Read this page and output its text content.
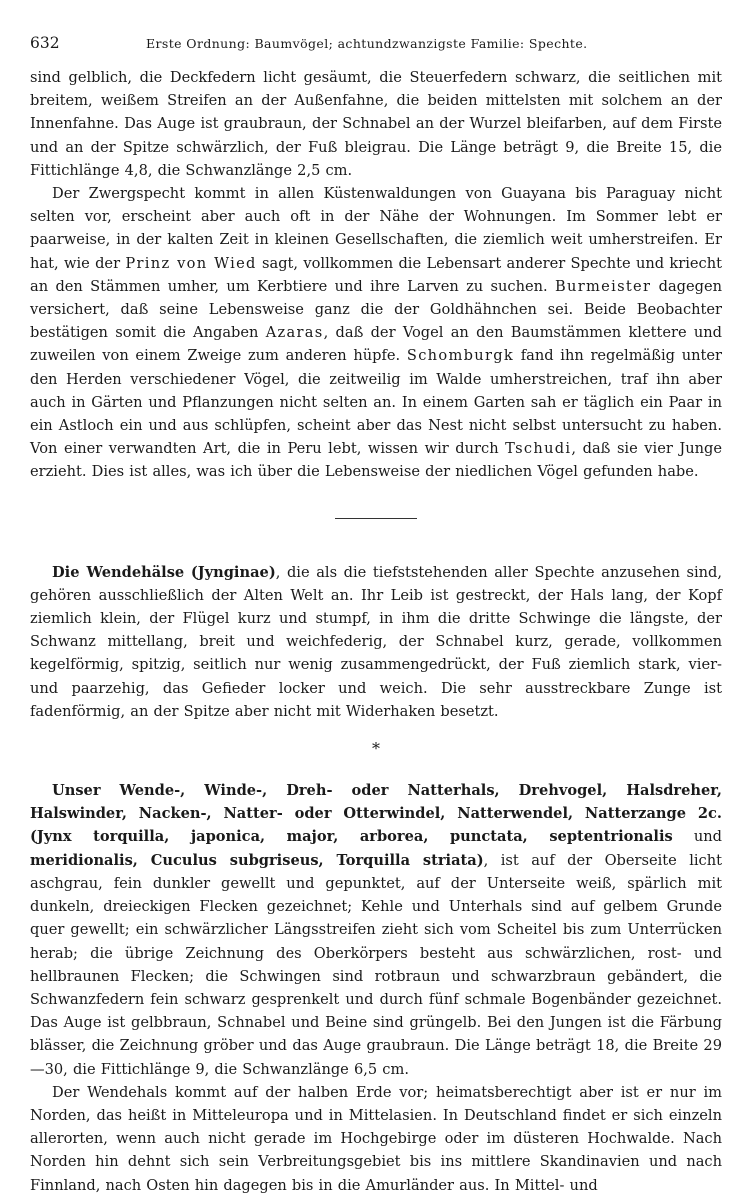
632	Erste Ordnung: Baumvögel; achtundzwanzigste Familie: Spechte.

sind gelblich, die Deckfedern licht gesäumt, die Steuerfedern schwarz, die seitlichen mit breitem, weißem Streifen an der Außenfahne, die beiden mittelsten mit solchem an der Innenfahne. Das Auge ist graubraun, der Schnabel an der Wurzel bleifarben, auf dem Firste und an der Spitze schwärzlich, der Fuß bleigrau. Die Länge beträgt 9, die Breite 15, die Fittichlänge 4,8, die Schwanzlänge 2,5 cm.

Der Zwergspecht kommt in allen Küstenwaldungen von Guayana bis Paraguay nicht selten vor, erscheint aber auch oft in der Nähe der Wohnungen. Im Sommer lebt er paarweise, in der kalten Zeit in kleinen Gesellschaften, die ziemlich weit umherstreifen. Er hat, wie der Prinz von Wied sagt, vollkommen die Lebensart anderer Spechte und kriecht an den Stämmen umher, um Kerbtiere und ihre Larven zu suchen. Burmeister dagegen versichert, daß seine Lebensweise ganz die der Goldhähnchen sei. Beide Beobachter bestätigen somit die Angaben Azaras, daß der Vogel an den Baumstämmen klettere und zuweilen von einem Zweige zum anderen hüpfe. Schomburgk fand ihn regelmäßig unter den Herden verschiedener Vögel, die zeitweilig im Walde umherstreichen, traf ihn aber auch in Gärten und Pflanzungen nicht selten an. In einem Garten sah er täglich ein Paar in ein Astloch ein und aus schlüpfen, scheint aber das Nest nicht selbst untersucht zu haben. Von einer verwandten Art, die in Peru lebt, wissen wir durch Tschudi, daß sie vier Junge erzieht. Dies ist alles, was ich über die Lebensweise der niedlichen Vögel gefunden habe.

Die Wendehälse (Jynginae), die als die tiefststehenden aller Spechte anzusehen sind, gehören ausschließlich der Alten Welt an. Ihr Leib ist gestreckt, der Hals lang, der Kopf ziemlich klein, der Flügel kurz und stumpf, in ihm die dritte Schwinge die längste, der Schwanz mittellang, breit und weichfederig, der Schnabel kurz, gerade, vollkommen kegelförmig, spitzig, seitlich nur wenig zusammengedrückt, der Fuß ziemlich stark, vier- und paarzehig, das Gefieder locker und weich. Die sehr ausstreckbare Zunge ist fadenförmig, an der Spitze aber nicht mit Widerhaken besetzt.

*

Unser Wende-, Winde-, Dreh- oder Natterhals, Drehvogel, Halsdreher, Halswinder, Nacken-, Natter- oder Otterwindel, Natterwendel, Natterzange 2c. (Jynx torquilla, japonica, major, arborea, punctata, septentrionalis und meridionalis, Cuculus subgriseus, Torquilla striata), ist auf der Oberseite licht aschgrau, fein dunkler gewellt und gepunktet, auf der Unterseite weiß, spärlich mit dunkeln, dreieckigen Flecken gezeichnet; Kehle und Unterhals sind auf gelbem Grunde quer gewellt; ein schwärzlicher Längsstreifen zieht sich vom Scheitel bis zum Unterrücken herab; die übrige Zeichnung des Oberkörpers besteht aus schwärzlichen, rost- und hellbraunen Flecken; die Schwingen sind rotbraun und schwarzbraun gebändert, die Schwanzfedern fein schwarz gesprenkelt und durch fünf schmale Bogenbänder gezeichnet. Das Auge ist gelbbraun, Schnabel und Beine sind grüngelb. Bei den Jungen ist die Färbung blässer, die Zeichnung gröber und das Auge graubraun. Die Länge beträgt 18, die Breite 29—30, die Fittichlänge 9, die Schwanzlänge 6,5 cm.

Der Wendehals kommt auf der halben Erde vor; heimatsberechtigt aber ist er nur im Norden, das heißt in Mitteleuropa und in Mittelasien. In Deutschland findet er sich einzeln allerorten, wenn auch nicht gerade im Hochgebirge oder im düsteren Hochwalde. Nach Norden hin dehnt sich sein Verbreitungsgebiet bis ins mittlere Skandinavien und nach Finnland, nach Osten hin dagegen bis in die Amurländer aus. In Mittel- und
